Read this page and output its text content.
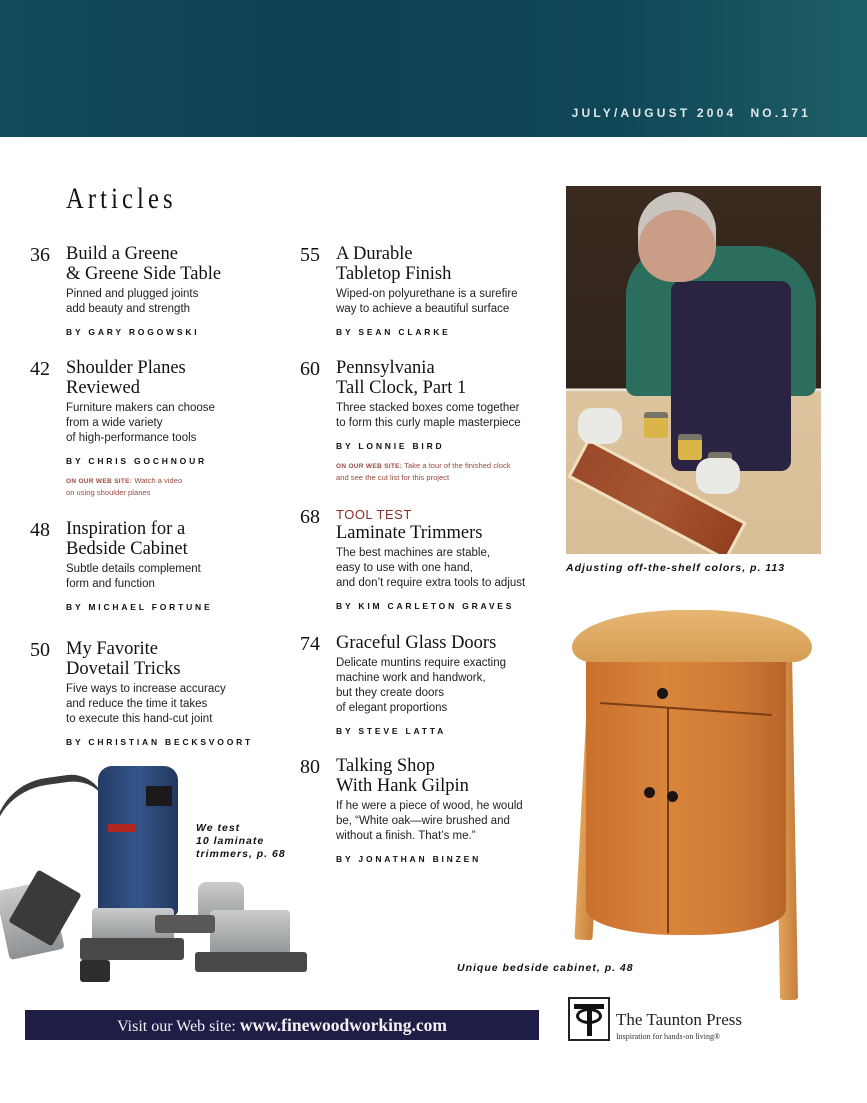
JULY/AUGUST 2004 NO.171
Articles
36 Build a Greene
& Greene Side Table
Pinned and plugged joints
add beauty and strength
BY GARY ROGOWSKI
42 Shoulder Planes
Reviewed
Furniture makers can choose
from a wide variety
of high-performance tools
BY CHRIS GOCHNOUR
ON OUR WEB SITE: Watch a video
on using shoulder planes
48 Inspiration for a
Bedside Cabinet
Subtle details complement
form and function
BY MICHAEL FORTUNE
50 My Favorite
Dovetail Tricks
Five ways to increase accuracy
and reduce the time it takes
to execute this hand-cut joint
BY CHRISTIAN BECKSVOORT
55 A Durable
Tabletop Finish
Wiped-on polyurethane is a surefire
way to achieve a beautiful surface
BY SEAN CLARKE
60 Pennsylvania
Tall Clock, Part 1
Three stacked boxes come together
to form this curly maple masterpiece
BY LONNIE BIRD
ON OUR WEB SITE: Take a tour of the finished clock
and see the cut list for this project
68 TOOL TEST
Laminate Trimmers
The best machines are stable,
easy to use with one hand,
and don’t require extra tools to adjust
BY KIM CARLETON GRAVES
74 Graceful Glass Doors
Delicate muntins require exacting
machine work and handwork,
but they create doors
of elegant proportions
BY STEVE LATTA
80 Talking Shop
With Hank Gilpin
If he were a piece of wood, he would
be, “White oak—wire brushed and
without a finish. That’s me.”
BY JONATHAN BINZEN
Adjusting off-the-shelf colors, p. 113
We test
10 laminate
trimmers, p. 68
Unique bedside cabinet, p. 48
Visit our Web site: www.finewoodworking.com	The Taunton Press
Inspiration for hands-on living®
